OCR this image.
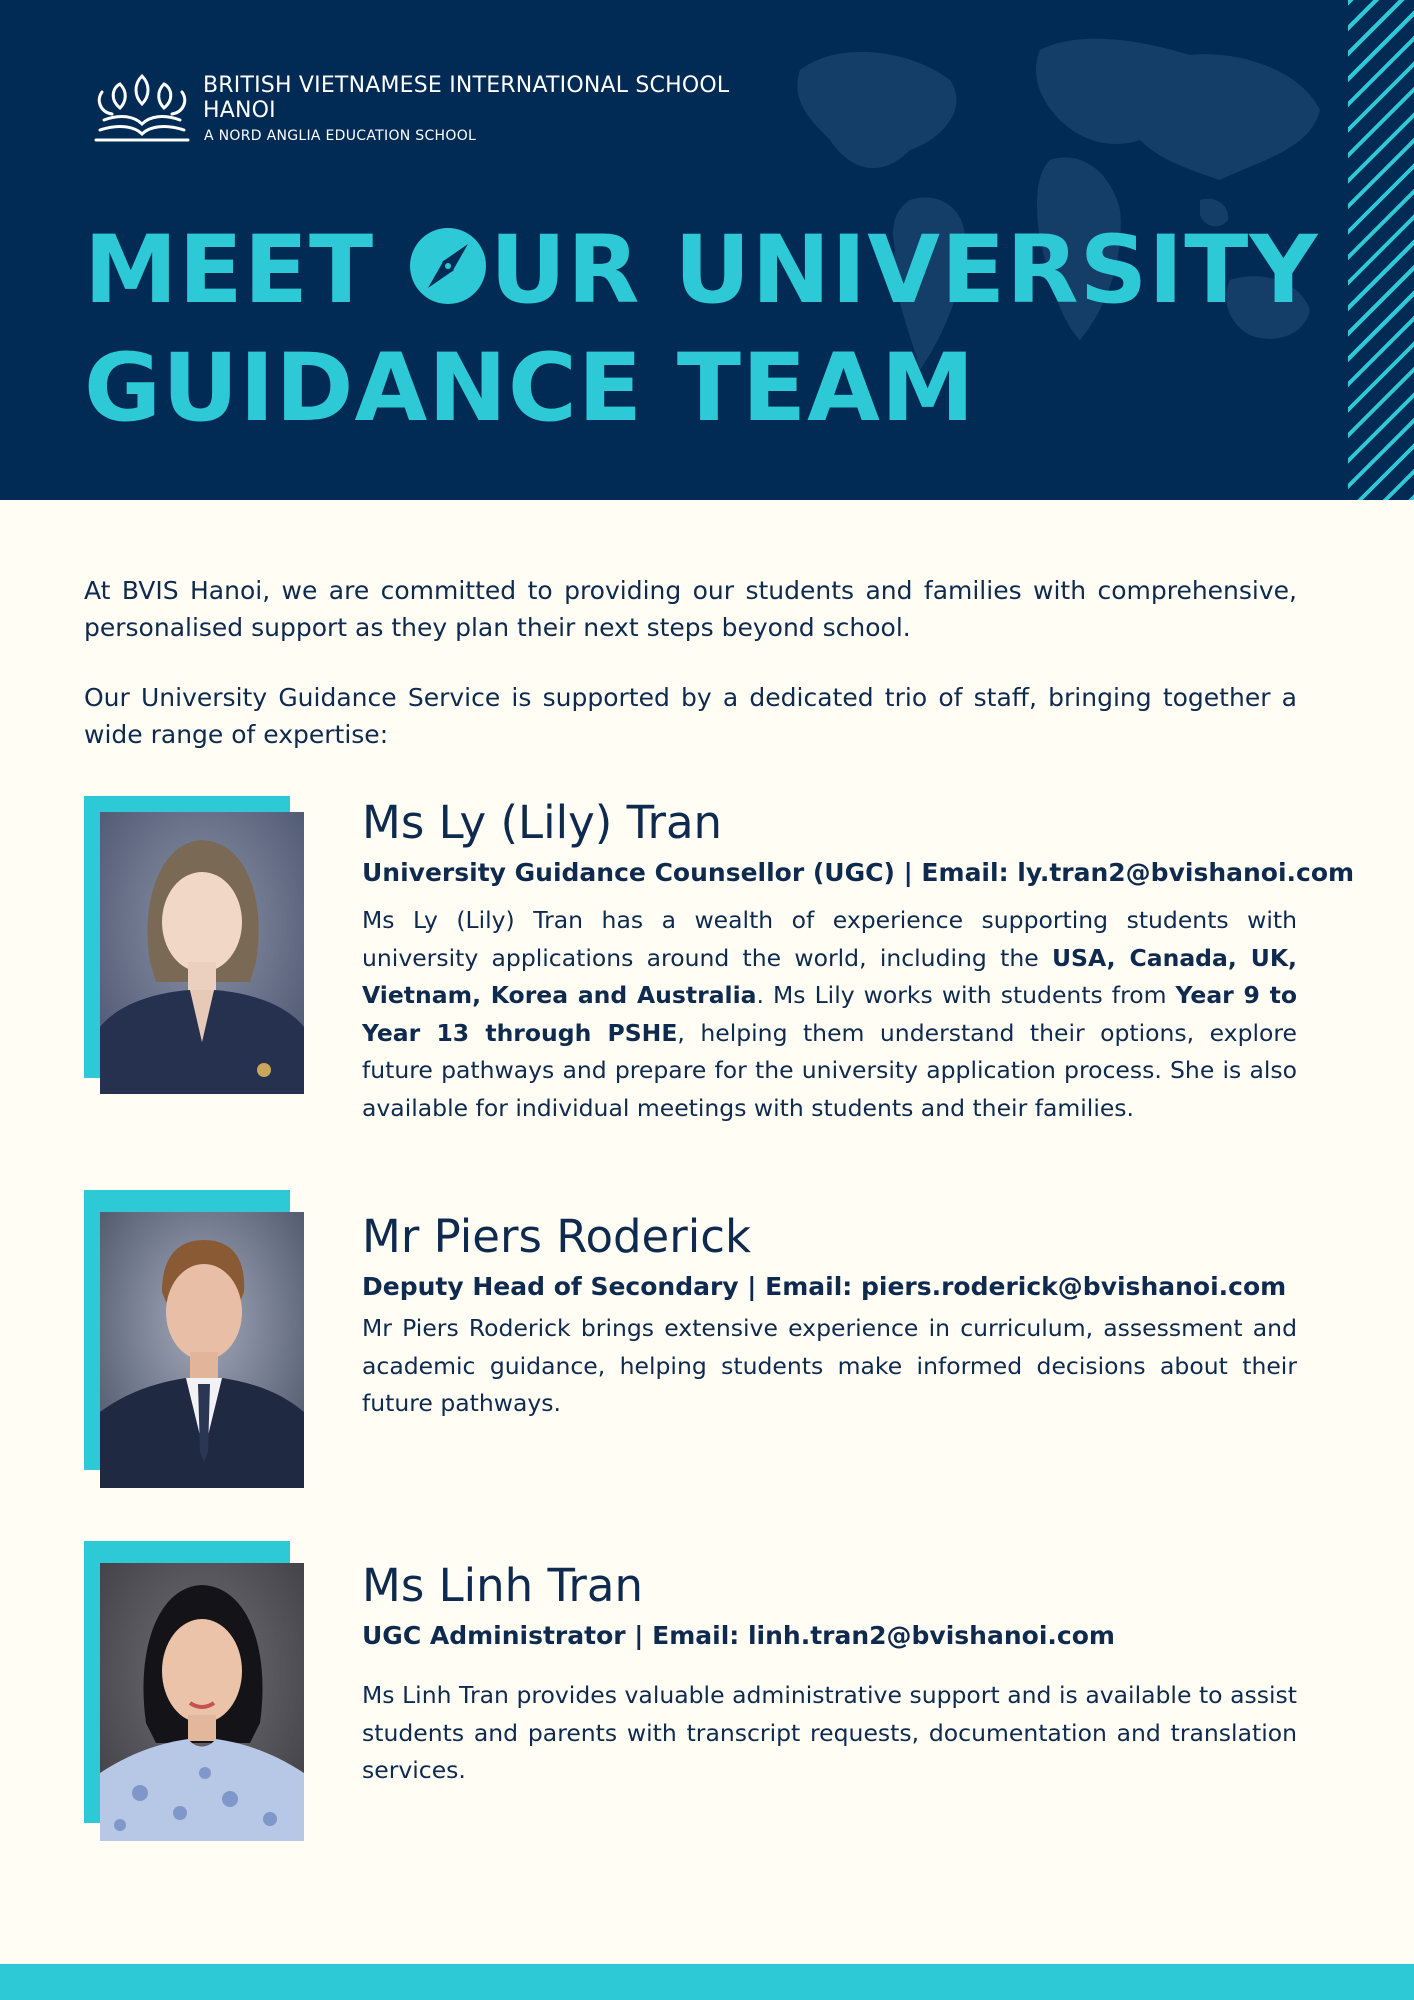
BRITISH VIETNAMESE INTERNATIONAL SCHOOL
HANOI
A NORD ANGLIA EDUCATION SCHOOL
MEET UR UNIVERSITY
GUIDANCE TEAM

At BVIS Hanoi, we are committed to providing our students and families with comprehensive, personalised support as they plan their next steps beyond school.

Our University Guidance Service is supported by a dedicated trio of staff, bringing together a wide range of expertise:

Ms Ly (Lily) Tran

University Guidance Counsellor (UGC) | Email: ly.tran2@bvishanoi.com

Ms Ly (Lily) Tran has a wealth of experience supporting students with university applications around the world, including the USA, Canada, UK, Vietnam, Korea and Australia. Ms Lily works with students from Year 9 to Year 13 through PSHE, helping them understand their options, explore future pathways and prepare for the university application process. She is also available for individual meetings with students and their families.

Mr Piers Roderick

Deputy Head of Secondary | Email: piers.roderick@bvishanoi.com

Mr Piers Roderick brings extensive experience in curriculum, assessment and academic guidance, helping students make informed decisions about their future pathways.

Ms Linh Tran

UGC Administrator | Email: linh.tran2@bvishanoi.com

Ms Linh Tran provides valuable administrative support and is available to assist students and parents with transcript requests, documentation and translation services.
